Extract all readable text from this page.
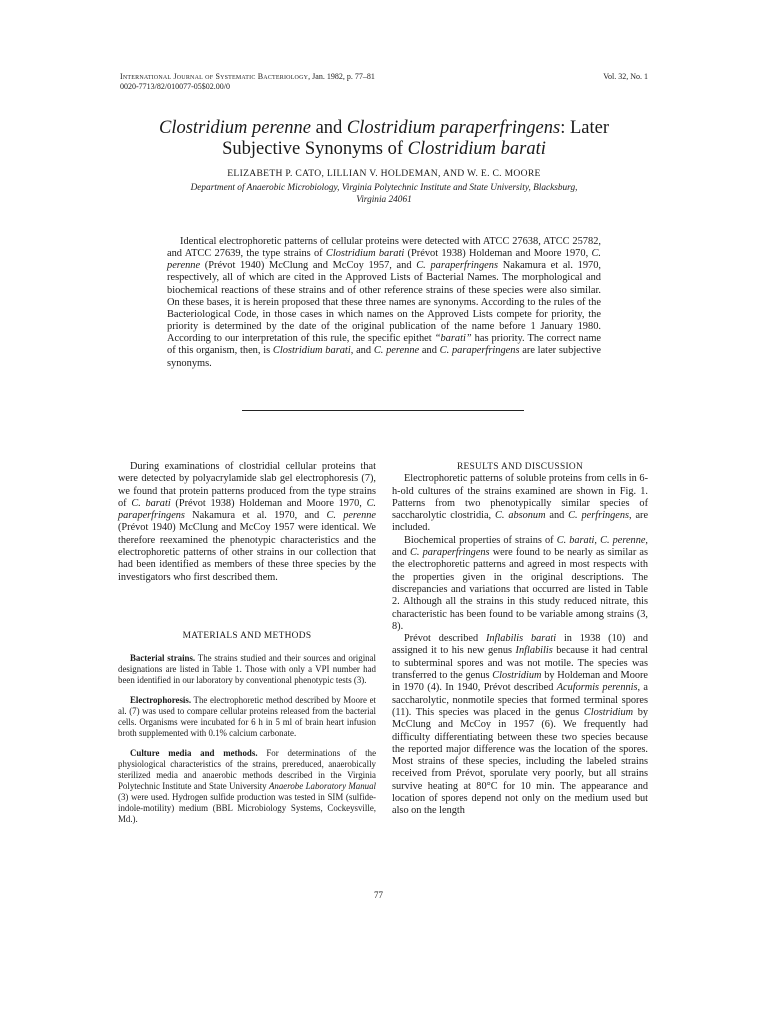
International Journal of Systematic Bacteriology, Jan. 1982, p. 77–81
0020-7713/82/010077-05$02.00/0
Vol. 32, No. 1
Clostridium perenne and Clostridium paraperfringens: Later
Subjective Synonyms of Clostridium barati
ELIZABETH P. CATO, LILLIAN V. HOLDEMAN, AND W. E. C. MOORE
Department of Anaerobic Microbiology, Virginia Polytechnic Institute and State University, Blacksburg,
Virginia 24061

Identical electrophoretic patterns of cellular proteins were detected with ATCC 27638, ATCC 25782, and ATCC 27639, the type strains of Clostridium barati (Prévot 1938) Holdeman and Moore 1970, C. perenne (Prévot 1940) McClung and McCoy 1957, and C. paraperfringens Nakamura et al. 1970, respectively, all of which are cited in the Approved Lists of Bacterial Names. The morphological and biochemical reactions of these strains and of other reference strains of these species were also similar. On these bases, it is herein proposed that these three names are synonyms. According to the rules of the Bacteriological Code, in those cases in which names on the Approved Lists compete for priority, the priority is determined by the date of the original publication of the name before 1 January 1980. According to our interpretation of this rule, the specific epithet “barati” has priority. The correct name of this organism, then, is Clostridium barati, and C. perenne and C. paraperfringens are later subjective synonyms.

During examinations of clostridial cellular proteins that were detected by polyacrylamide slab gel electrophoresis (7), we found that protein patterns produced from the type strains of C. barati (Prévot 1938) Holdeman and Moore 1970, C. paraperfringens Nakamura et al. 1970, and C. perenne (Prévot 1940) McClung and McCoy 1957 were identical. We therefore reexamined the phenotypic characteristics and the electrophoretic patterns of other strains in our collection that had been identified as members of these three species by the investigators who first described them.

MATERIALS AND METHODS

Bacterial strains. The strains studied and their sources and original designations are listed in Table 1. Those with only a VPI number had been identified in our laboratory by conventional phenotypic tests (3).

Electrophoresis. The electrophoretic method described by Moore et al. (7) was used to compare cellular proteins released from the bacterial cells. Organisms were incubated for 6 h in 5 ml of brain heart infusion broth supplemented with 0.1% calcium carbonate.

Culture media and methods. For determinations of the physiological characteristics of the strains, prereduced, anaerobically sterilized media and anaerobic methods described in the Virginia Polytechnic Institute and State University Anaerobe Laboratory Manual (3) were used. Hydrogen sulfide production was tested in SIM (sulfide-indole-motility) medium (BBL Microbiology Systems, Cockeysville, Md.).

RESULTS AND DISCUSSION

Electrophoretic patterns of soluble proteins from cells in 6-h-old cultures of the strains examined are shown in Fig. 1. Patterns from two phenotypically similar species of saccharolytic clostridia, C. absonum and C. perfringens, are included.

Biochemical properties of strains of C. barati, C. perenne, and C. paraperfringens were found to be nearly as similar as the electrophoretic patterns and agreed in most respects with the properties given in the original descriptions. The discrepancies and variations that occurred are listed in Table 2. Although all the strains in this study reduced nitrate, this characteristic has been found to be variable among strains (3, 8).

Prévot described Inflabilis barati in 1938 (10) and assigned it to his new genus Inflabilis because it had central to subterminal spores and was not motile. The species was transferred to the genus Clostridium by Holdeman and Moore in 1970 (4). In 1940, Prévot described Acuformis perennis, a saccharolytic, nonmotile species that formed terminal spores (11). This species was placed in the genus Clostridium by McClung and McCoy in 1957 (6). We frequently had difficulty differentiating between these two species because the reported major difference was the location of the spores. Most strains of these species, including the labeled strains received from Prévot, sporulate very poorly, but all strains survive heating at 80°C for 10 min. The appearance and location of spores depend not only on the medium used but also on the length

77
